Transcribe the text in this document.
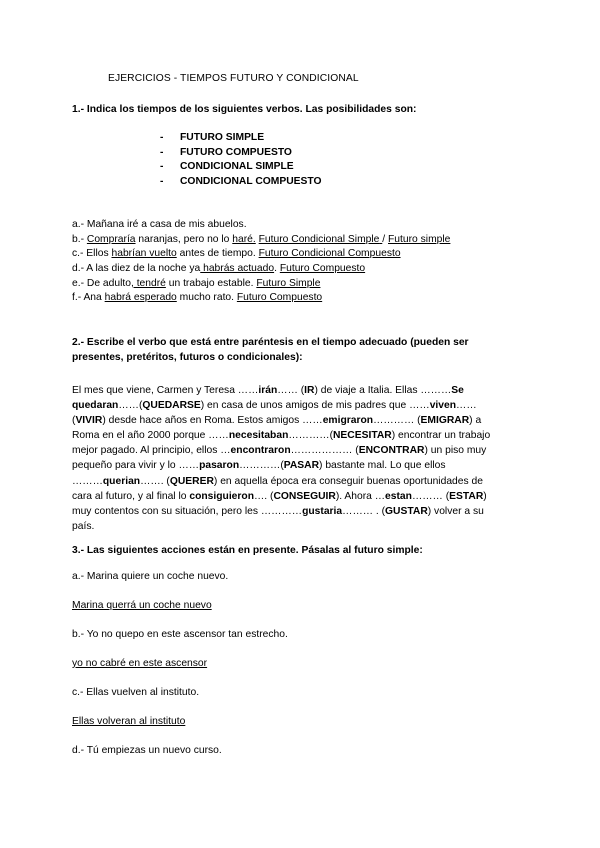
EJERCICIOS - TIEMPOS FUTURO Y CONDICIONAL
1.- Indica los tiempos de los siguientes verbos. Las posibilidades son:
- FUTURO SIMPLE
- FUTURO COMPUESTO
- CONDICIONAL SIMPLE
- CONDICIONAL COMPUESTO
a.- Mañana iré a casa de mis abuelos.
b.- Compraría naranjas, pero no lo haré. Futuro Condicional Simple / Futuro simple
c.- Ellos habrían vuelto antes de tiempo. Futuro Condicional Compuesto
d.- A las diez de la noche ya habrás actuado. Futuro Compuesto
e.- De adulto, tendré un trabajo estable. Futuro Simple
f.- Ana habrá esperado mucho rato. Futuro Compuesto
2.- Escribe el verbo que está entre paréntesis en el tiempo adecuado (pueden ser
presentes, pretéritos, futuros o condicionales):
El mes que viene, Carmen y Teresa ……irán…… (IR) de viaje a Italia. Ellas ………Se
quedaran……(QUEDARSE) en casa de unos amigos de mis padres que ……viven……
(VIVIR) desde hace años en Roma. Estos amigos ……emigraron………… (EMIGRAR) a
Roma en el año 2000 porque ……necesitaban…………(NECESITAR) encontrar un trabajo
mejor pagado. Al principio, ellos …encontraron……………… (ENCONTRAR) un piso muy
pequeño para vivir y lo ……pasaron…………(PASAR) bastante mal. Lo que ellos
………querian……. (QUERER) en aquella época era conseguir buenas oportunidades de
cara al futuro, y al final lo consiguieron…. (CONSEGUIR). Ahora …estan……… (ESTAR)
muy contentos con su situación, pero les …………gustaria……… . (GUSTAR) volver a su
país.
3.- Las siguientes acciones están en presente. Pásalas al futuro simple:
a.- Marina quiere un coche nuevo.
Marina querrá un coche nuevo
b.- Yo no quepo en este ascensor tan estrecho.
yo no cabré en este ascensor
c.- Ellas vuelven al instituto.
Ellas volveran al instituto
d.- Tú empiezas un nuevo curso.
